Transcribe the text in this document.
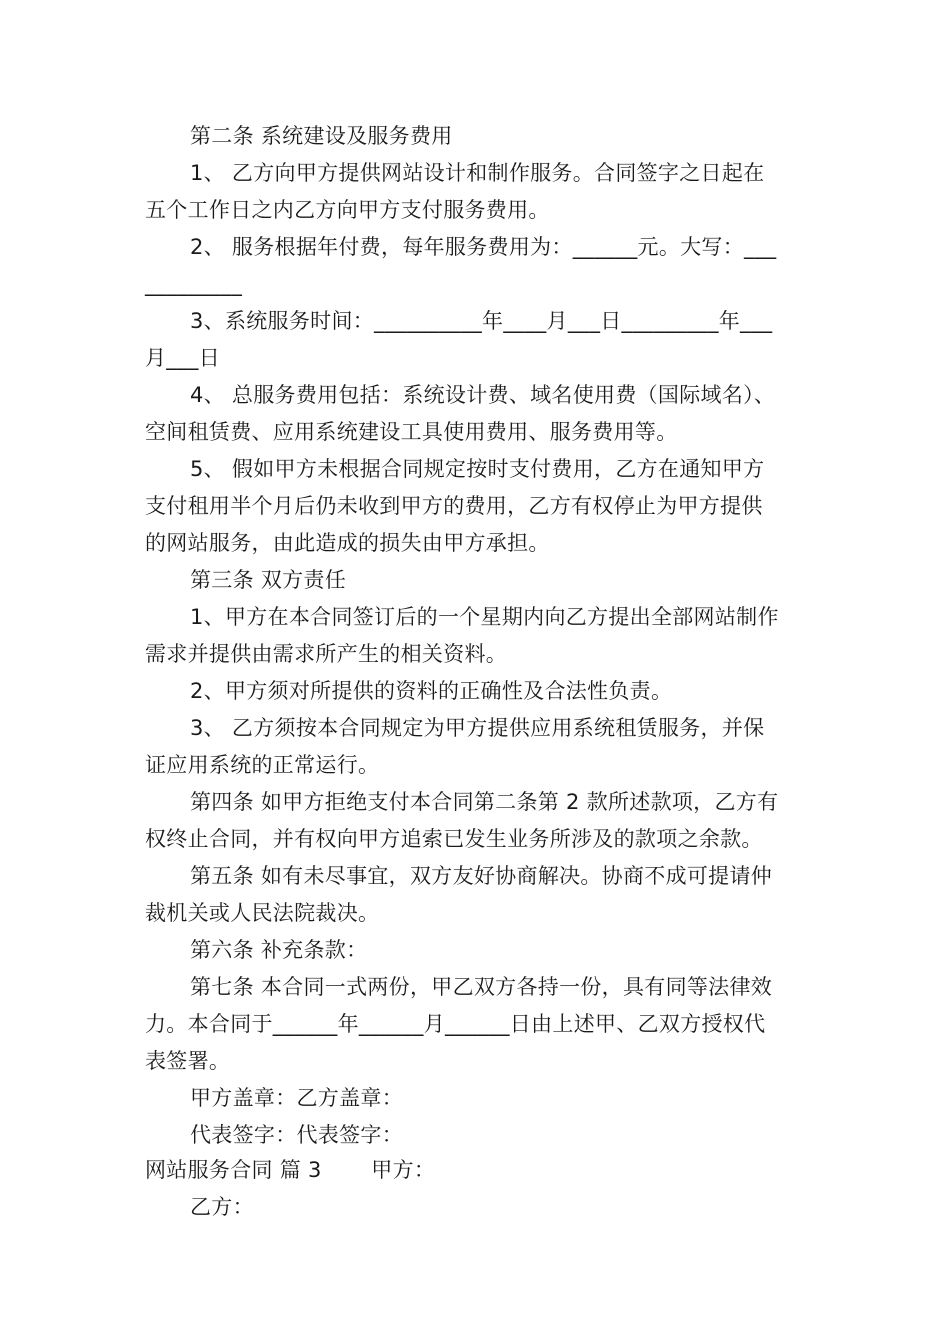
第二条 系统建设及服务费用
1、 乙方向甲方提供网站设计和制作服务。合同签字之日起在
五个工作日之内乙方向甲方支付服务费用。
2、 服务根据年付费，每年服务费用为：______元。大写：___
_________
3、系统服务时间：__________年____月___日_________年___
月___日
4、 总服务费用包括：系统设计费、域名使用费（国际域名）、
空间租赁费、应用系统建设工具使用费用、服务费用等。
5、 假如甲方未根据合同规定按时支付费用，乙方在通知甲方
支付租用半个月后仍未收到甲方的费用，乙方有权停止为甲方提供
的网站服务，由此造成的损失由甲方承担。
第三条 双方责任
1、甲方在本合同签订后的一个星期内向乙方提出全部网站制作
需求并提供由需求所产生的相关资料。
2、甲方须对所提供的资料的正确性及合法性负责。
3、 乙方须按本合同规定为甲方提供应用系统租赁服务，并保
证应用系统的正常运行。
第四条 如甲方拒绝支付本合同第二条第 2 款所述款项，乙方有
权终止合同，并有权向甲方追索已发生业务所涉及的款项之余款。
第五条 如有未尽事宜，双方友好协商解决。协商不成可提请仲
裁机关或人民法院裁决。
第六条 补充条款：
第七条 本合同一式两份，甲乙双方各持一份，具有同等法律效
力。本合同于______年______月______日由上述甲、乙双方授权代
表签署。
甲方盖章：乙方盖章：
代表签字：代表签字：
网站服务合同 篇 3　　 甲方：
乙方：
